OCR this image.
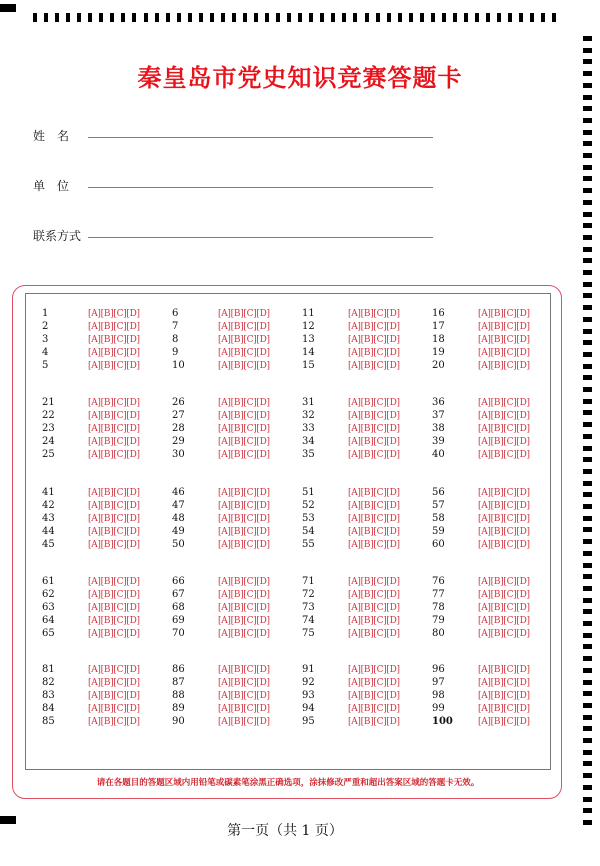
秦皇岛市党史知识竞赛答题卡
姓　名
单　位
联系方式
1	[A][B][C][D]
2	[A][B][C][D]
3	[A][B][C][D]
4	[A][B][C][D]
5	[A][B][C][D]
6	[A][B][C][D]
7	[A][B][C][D]
8	[A][B][C][D]
9	[A][B][C][D]
10	[A][B][C][D]
11	[A][B][C][D]
12	[A][B][C][D]
13	[A][B][C][D]
14	[A][B][C][D]
15	[A][B][C][D]
16	[A][B][C][D]
17	[A][B][C][D]
18	[A][B][C][D]
19	[A][B][C][D]
20	[A][B][C][D]
21	[A][B][C][D]
22	[A][B][C][D]
23	[A][B][C][D]
24	[A][B][C][D]
25	[A][B][C][D]
26	[A][B][C][D]
27	[A][B][C][D]
28	[A][B][C][D]
29	[A][B][C][D]
30	[A][B][C][D]
31	[A][B][C][D]
32	[A][B][C][D]
33	[A][B][C][D]
34	[A][B][C][D]
35	[A][B][C][D]
36	[A][B][C][D]
37	[A][B][C][D]
38	[A][B][C][D]
39	[A][B][C][D]
40	[A][B][C][D]
41	[A][B][C][D]
42	[A][B][C][D]
43	[A][B][C][D]
44	[A][B][C][D]
45	[A][B][C][D]
46	[A][B][C][D]
47	[A][B][C][D]
48	[A][B][C][D]
49	[A][B][C][D]
50	[A][B][C][D]
51	[A][B][C][D]
52	[A][B][C][D]
53	[A][B][C][D]
54	[A][B][C][D]
55	[A][B][C][D]
56	[A][B][C][D]
57	[A][B][C][D]
58	[A][B][C][D]
59	[A][B][C][D]
60	[A][B][C][D]
61	[A][B][C][D]
62	[A][B][C][D]
63	[A][B][C][D]
64	[A][B][C][D]
65	[A][B][C][D]
66	[A][B][C][D]
67	[A][B][C][D]
68	[A][B][C][D]
69	[A][B][C][D]
70	[A][B][C][D]
71	[A][B][C][D]
72	[A][B][C][D]
73	[A][B][C][D]
74	[A][B][C][D]
75	[A][B][C][D]
76	[A][B][C][D]
77	[A][B][C][D]
78	[A][B][C][D]
79	[A][B][C][D]
80	[A][B][C][D]
81	[A][B][C][D]
82	[A][B][C][D]
83	[A][B][C][D]
84	[A][B][C][D]
85	[A][B][C][D]
86	[A][B][C][D]
87	[A][B][C][D]
88	[A][B][C][D]
89	[A][B][C][D]
90	[A][B][C][D]
91	[A][B][C][D]
92	[A][B][C][D]
93	[A][B][C][D]
94	[A][B][C][D]
95	[A][B][C][D]
96	[A][B][C][D]
97	[A][B][C][D]
98	[A][B][C][D]
99	[A][B][C][D]
100	[A][B][C][D]
请在各题目的答题区域内用铅笔或碳素笔涂黑正确选项，涂抹修改严重和超出答案区域的答题卡无效。
第一页（共 1 页）
